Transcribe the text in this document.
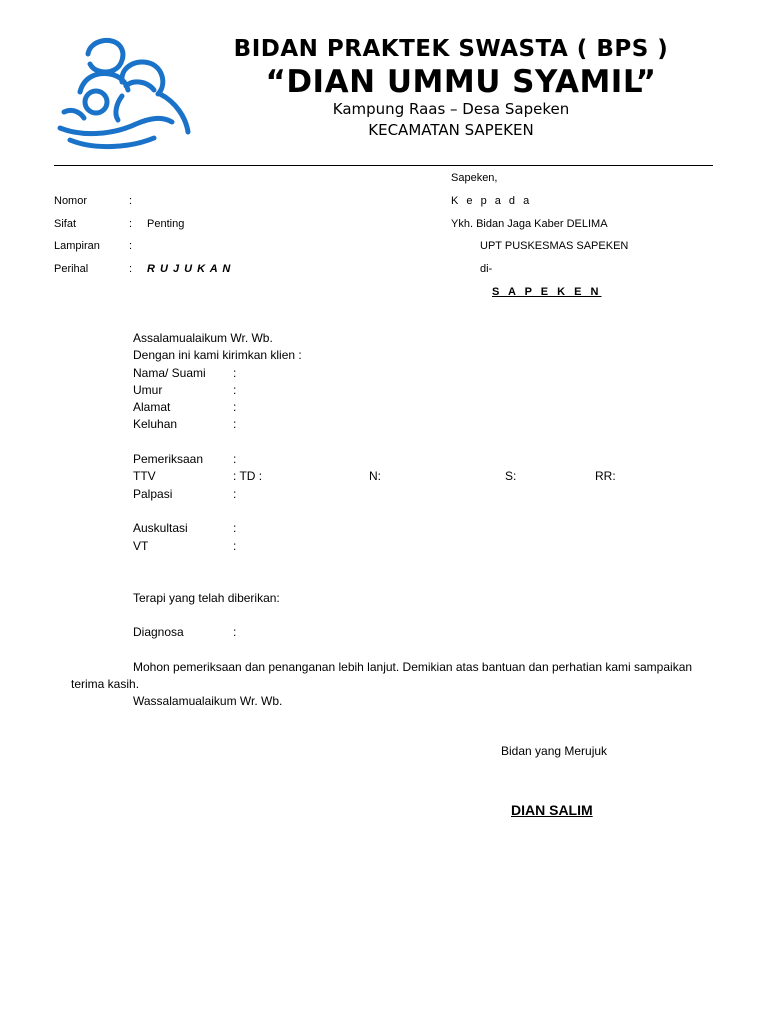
BIDAN PRAKTEK SWASTA ( BPS )
“DIAN UMMU SYAMIL”
Kampung Raas – Desa Sapeken
KECAMATAN SAPEKEN
Sapeken,
K e p a d a
Ykh. Bidan Jaga Kaber DELIMA
UPT PUSKESMAS SAPEKEN
di-
S A P E K E N
Nomor	:
Sifat	: Penting
Lampiran	:
Perihal	: R U J U K A N
Assalamualaikum Wr. Wb.
Dengan ini kami kirimkan klien :
Nama/ Suami :
Umur	:
Alamat	:
Keluhan	:
Pemeriksaan :
TTV	: TD :	N:	S:	RR:
Palpasi	:
Auskultasi	:
VT	:
Terapi yang telah diberikan:
Diagnosa	:
Mohon pemeriksaan dan penanganan lebih lanjut. Demikian atas bantuan dan perhatian kami sampaikan
terima kasih.
Wassalamualaikum Wr. Wb.
Bidan yang Merujuk
DIAN SALIM
